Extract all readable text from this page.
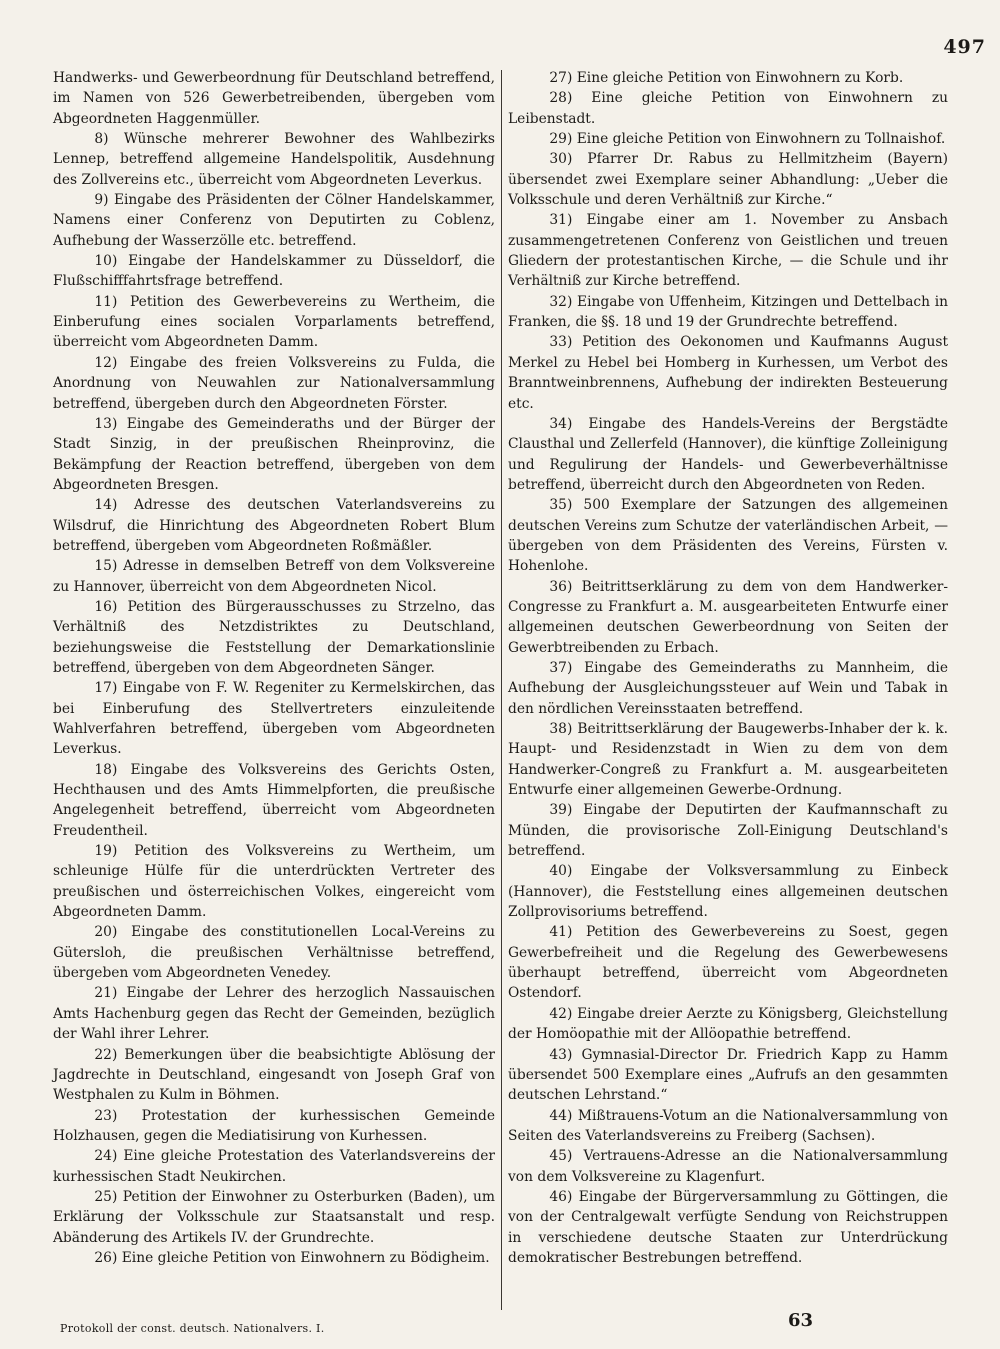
497

Handwerks- und Gewerbeordnung für Deutschland betreffend, im Namen von 526 Gewerbetreibenden, übergeben vom Abgeordneten Haggenmüller.

8) Wünsche mehrerer Bewohner des Wahlbezirks Lennep, betreffend allgemeine Handelspolitik, Ausdehnung des Zollvereins etc., überreicht vom Abgeordneten Leverkus.

9) Eingabe des Präsidenten der Cölner Handelskammer, Namens einer Conferenz von Deputirten zu Coblenz, Aufhebung der Wasserzölle etc. betreffend.

10) Eingabe der Handelskammer zu Düsseldorf, die Flußschifffahrtsfrage betreffend.

11) Petition des Gewerbevereins zu Wertheim, die Einberufung eines socialen Vorparlaments betreffend, überreicht vom Abgeordneten Damm.

12) Eingabe des freien Volksvereins zu Fulda, die Anordnung von Neuwahlen zur Nationalversammlung betreffend, übergeben durch den Abgeordneten Förster.

13) Eingabe des Gemeinderaths und der Bürger der Stadt Sinzig, in der preußischen Rheinprovinz, die Bekämpfung der Reaction betreffend, übergeben von dem Abgeordneten Bresgen.

14) Adresse des deutschen Vaterlandsvereins zu Wilsdruf, die Hinrichtung des Abgeordneten Robert Blum betreffend, übergeben vom Abgeordneten Roßmäßler.

15) Adresse in demselben Betreff von dem Volksvereine zu Hannover, überreicht von dem Abgeordneten Nicol.

16) Petition des Bürgerausschusses zu Strzelno, das Verhältniß des Netzdistriktes zu Deutschland, beziehungsweise die Feststellung der Demarkationslinie betreffend, übergeben von dem Abgeordneten Sänger.

17) Eingabe von F. W. Regeniter zu Kermelskirchen, das bei Einberufung des Stellvertreters einzuleitende Wahlverfahren betreffend, übergeben vom Abgeordneten Leverkus.

18) Eingabe des Volksvereins des Gerichts Osten, Hechthausen und des Amts Himmelpforten, die preußische Angelegenheit betreffend, überreicht vom Abgeordneten Freudentheil.

19) Petition des Volksvereins zu Wertheim, um schleunige Hülfe für die unterdrückten Vertreter des preußischen und österreichischen Volkes, eingereicht vom Abgeordneten Damm.

20) Eingabe des constitutionellen Local-Vereins zu Gütersloh, die preußischen Verhältnisse betreffend, übergeben vom Abgeordneten Venedey.

21) Eingabe der Lehrer des herzoglich Nassauischen Amts Hachenburg gegen das Recht der Gemeinden, bezüglich der Wahl ihrer Lehrer.

22) Bemerkungen über die beabsichtigte Ablösung der Jagdrechte in Deutschland, eingesandt von Joseph Graf von Westphalen zu Kulm in Böhmen.

23) Protestation der kurhessischen Gemeinde Holzhausen, gegen die Mediatisirung von Kurhessen.

24) Eine gleiche Protestation des Vaterlandsvereins der kurhessischen Stadt Neukirchen.

25) Petition der Einwohner zu Osterburken (Baden), um Erklärung der Volksschule zur Staatsanstalt und resp. Abänderung des Artikels IV. der Grundrechte.

26) Eine gleiche Petition von Einwohnern zu Bödigheim.

27) Eine gleiche Petition von Einwohnern zu Korb.

28) Eine gleiche Petition von Einwohnern zu Leibenstadt.

29) Eine gleiche Petition von Einwohnern zu Tollnaishof.

30) Pfarrer Dr. Rabus zu Hellmitzheim (Bayern) übersendet zwei Exemplare seiner Abhandlung: „Ueber die Volksschule und deren Verhältniß zur Kirche.“

31) Eingabe einer am 1. November zu Ansbach zusammengetretenen Conferenz von Geistlichen und treuen Gliedern der protestantischen Kirche, — die Schule und ihr Verhältniß zur Kirche betreffend.

32) Eingabe von Uffenheim, Kitzingen und Dettelbach in Franken, die §§. 18 und 19 der Grundrechte betreffend.

33) Petition des Oekonomen und Kaufmanns August Merkel zu Hebel bei Homberg in Kurhessen, um Verbot des Branntweinbrennens, Aufhebung der indirekten Besteuerung etc.

34) Eingabe des Handels-Vereins der Bergstädte Clausthal und Zellerfeld (Hannover), die künftige Zolleinigung und Regulirung der Handels- und Gewerbeverhältnisse betreffend, überreicht durch den Abgeordneten von Reden.

35) 500 Exemplare der Satzungen des allgemeinen deutschen Vereins zum Schutze der vaterländischen Arbeit, — übergeben von dem Präsidenten des Vereins, Fürsten v. Hohenlohe.

36) Beitrittserklärung zu dem von dem Handwerker-Congresse zu Frankfurt a. M. ausgearbeiteten Entwurfe einer allgemeinen deutschen Gewerbeordnung von Seiten der Gewerbtreibenden zu Erbach.

37) Eingabe des Gemeinderaths zu Mannheim, die Aufhebung der Ausgleichungssteuer auf Wein und Tabak in den nördlichen Vereinsstaaten betreffend.

38) Beitrittserklärung der Baugewerbs-Inhaber der k. k. Haupt- und Residenzstadt in Wien zu dem von dem Handwerker-Congreß zu Frankfurt a. M. ausgearbeiteten Entwurfe einer allgemeinen Gewerbe-Ordnung.

39) Eingabe der Deputirten der Kaufmannschaft zu Münden, die provisorische Zoll-Einigung Deutschland's betreffend.

40) Eingabe der Volksversammlung zu Einbeck (Hannover), die Feststellung eines allgemeinen deutschen Zollprovisoriums betreffend.

41) Petition des Gewerbevereins zu Soest, gegen Gewerbefreiheit und die Regelung des Gewerbewesens überhaupt betreffend, überreicht vom Abgeordneten Ostendorf.

42) Eingabe dreier Aerzte zu Königsberg, Gleichstellung der Homöopathie mit der Allöopathie betreffend.

43) Gymnasial-Director Dr. Friedrich Kapp zu Hamm übersendet 500 Exemplare eines „Aufrufs an den gesammten deutschen Lehrstand.“

44) Mißtrauens-Votum an die Nationalversammlung von Seiten des Vaterlandsvereins zu Freiberg (Sachsen).

45) Vertrauens-Adresse an die Nationalversammlung von dem Volksvereine zu Klagenfurt.

46) Eingabe der Bürgerversammlung zu Göttingen, die von der Centralgewalt verfügte Sendung von Reichstruppen in verschiedene deutsche Staaten zur Unterdrückung demokratischer Bestrebungen betreffend.

63
Protokoll der const. deutsch. Nationalvers. I.
